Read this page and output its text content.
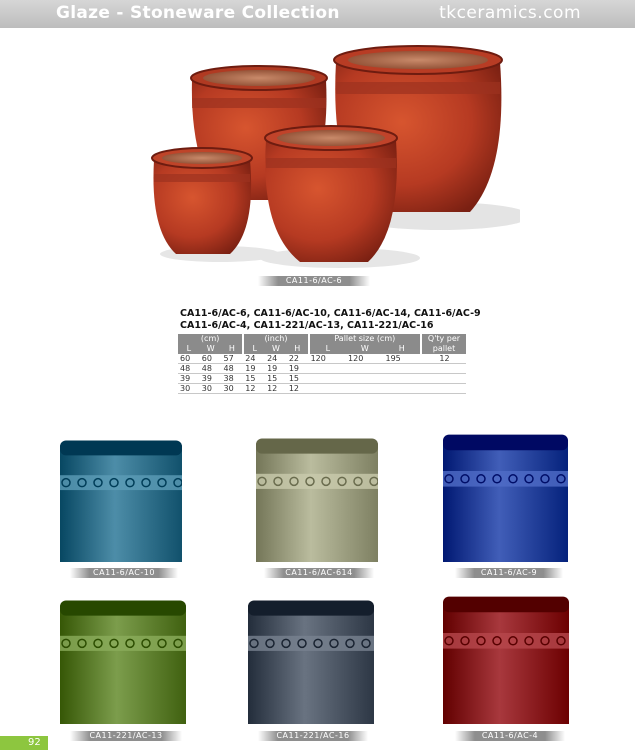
Glaze - Stoneware Collection	tkceramics.com
CA11-6/AC-6
CA11-6/AC-6, CA11-6/AC-10, CA11-6/AC-14, CA11-6/AC-9
CA11-6/AC-4, CA11-221/AC-13, CA11-221/AC-16
(cm)			(inch)			Pallet size (cm)			Q'ty per pallet
L	W	H	L	W	H	L	W	H	
60	60	57	24	24	22	120	120	195	12
48	48	48	19	19	19				
39	39	38	15	15	15				
30	30	30	12	12	12				
CA11-6/AC-10	CA11-6/AC-614	CA11-6/AC-9
CA11-221/AC-13	CA11-221/AC-16	CA11-6/AC-4
92
